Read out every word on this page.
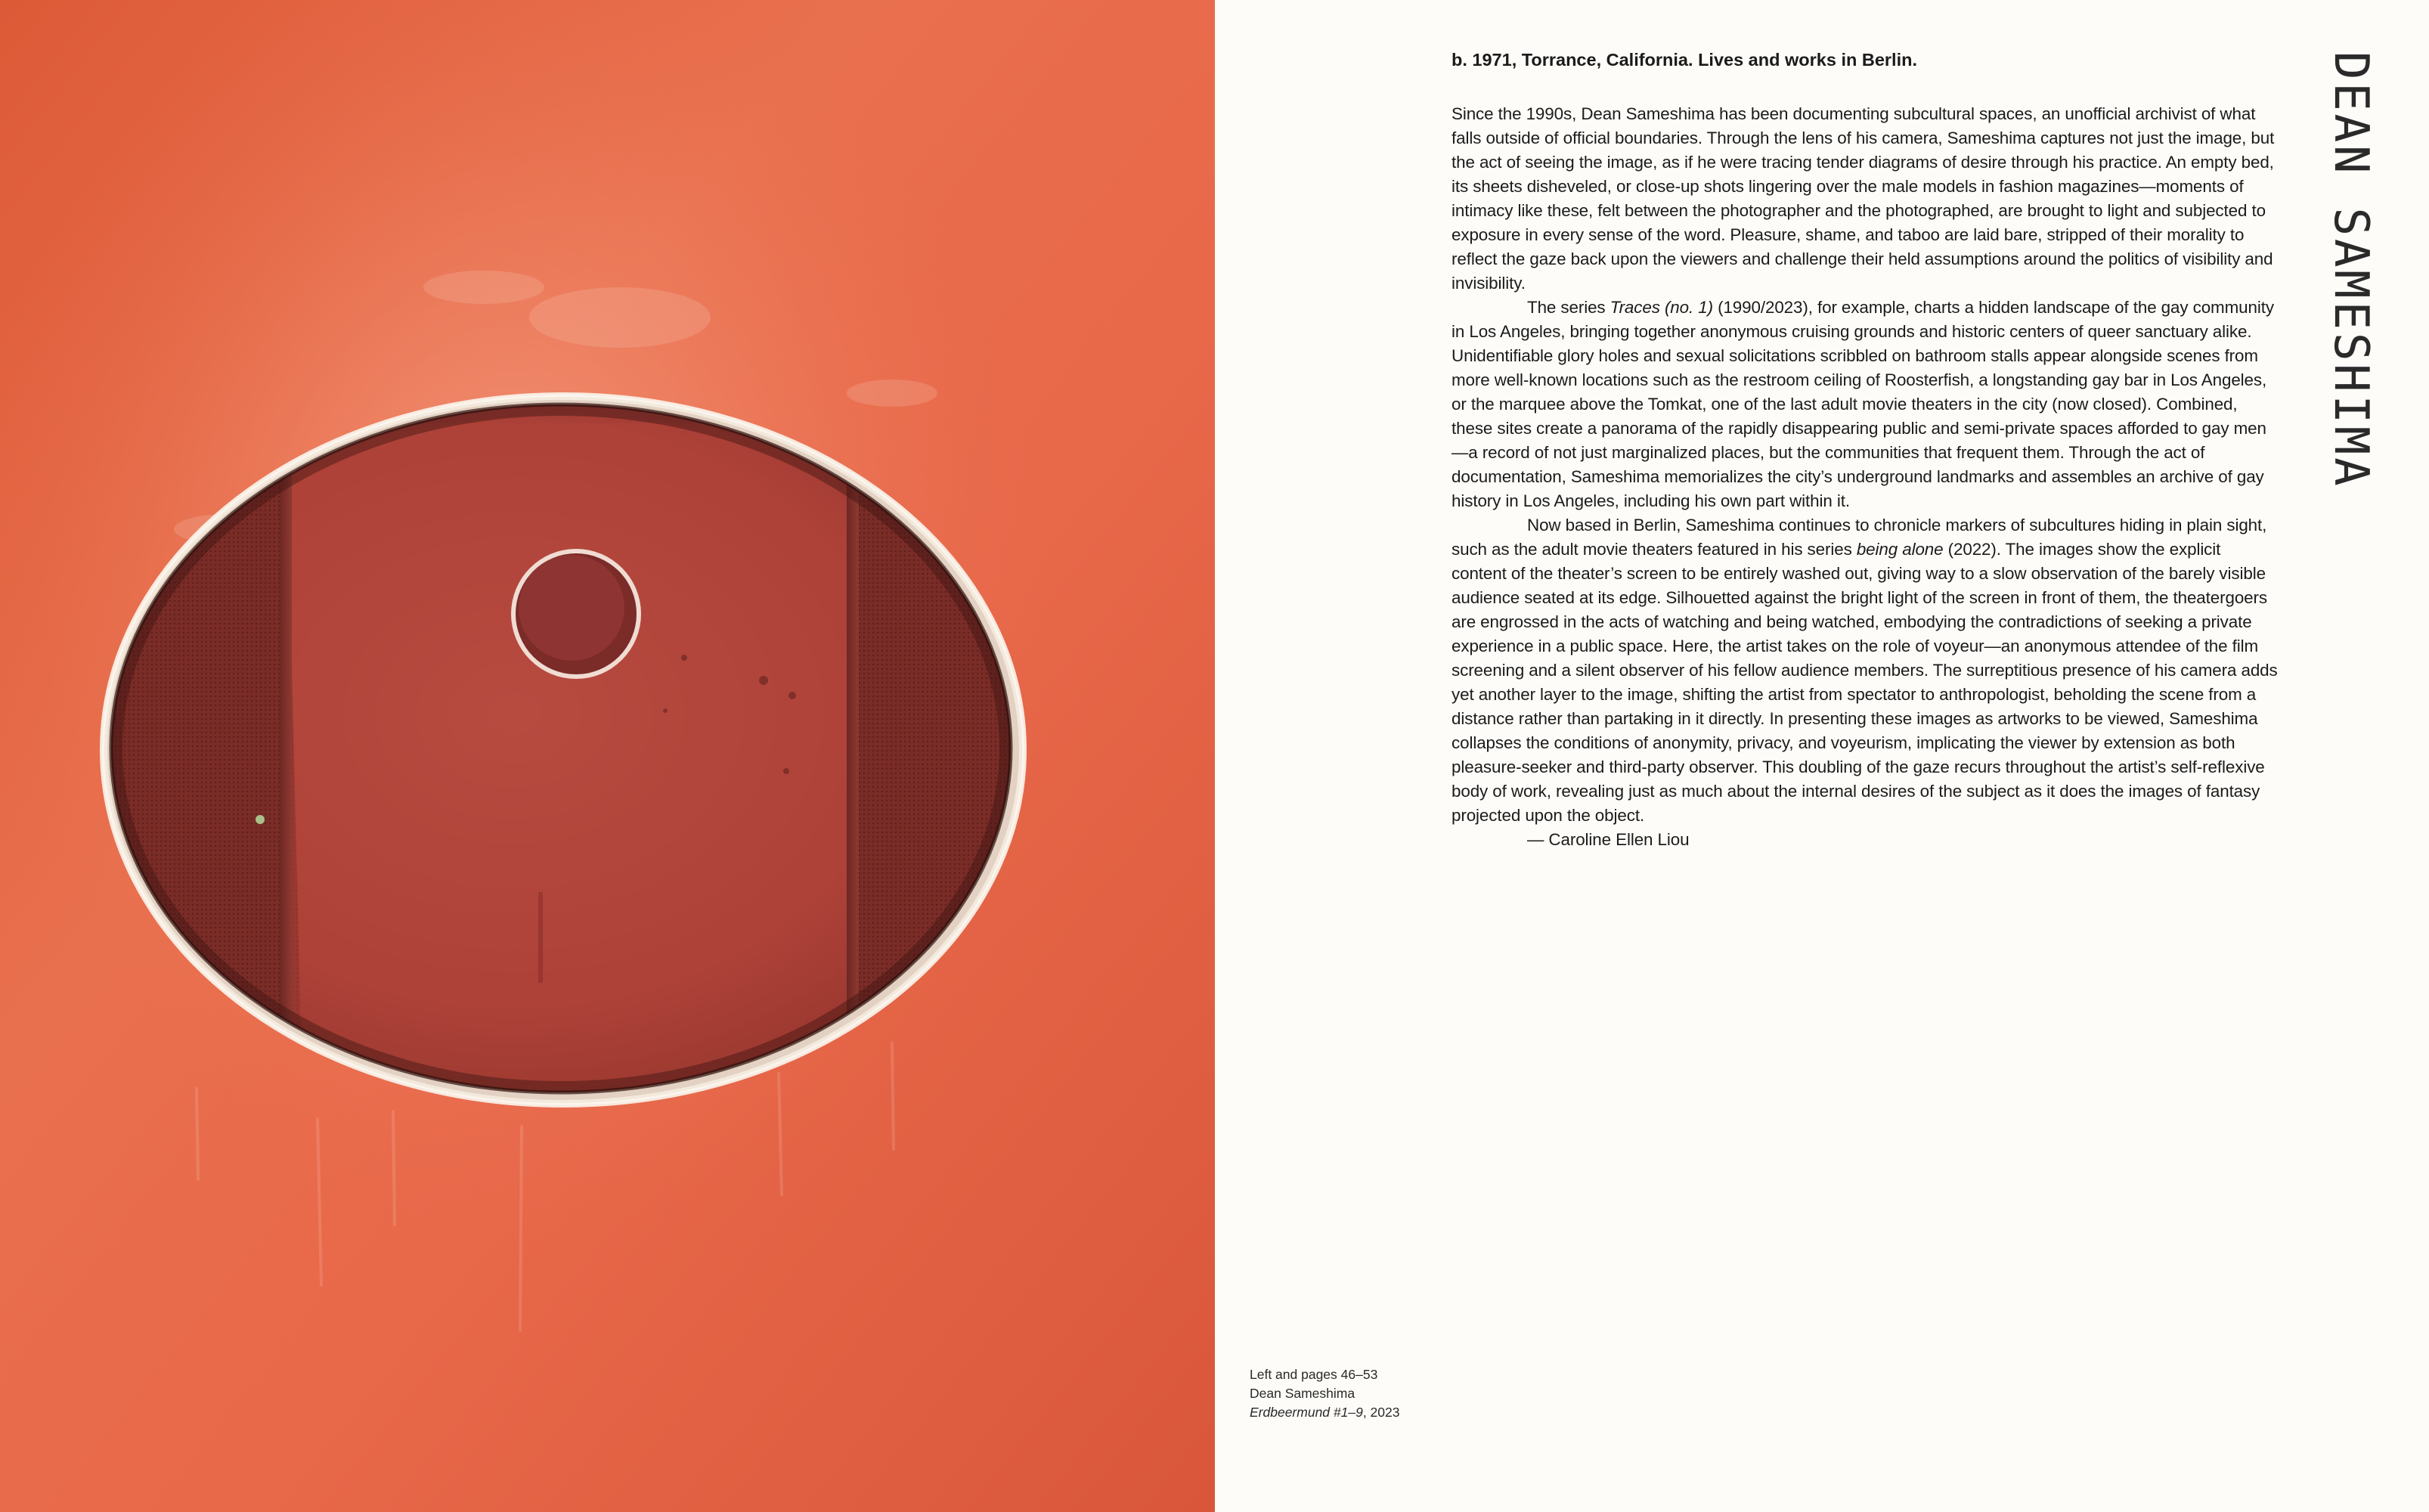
b. 1971, Torrance, California. Lives and works in Berlin.

Since the 1990s, Dean Sameshima has been documenting subcultural spaces, an unofficial archivist of what falls outside of official boundaries. Through the lens of his camera, Sameshima captures not just the image, but the act of seeing the image, as if he were tracing tender diagrams of desire through his practice. An empty bed, its sheets disheveled, or close-up shots lingering over the male models in fashion magazines—moments of intimacy like these, felt between the photographer and the photographed, are brought to light and subjected to exposure in every sense of the word. Pleasure, shame, and taboo are laid bare, stripped of their morality to reflect the gaze back upon the viewers and challenge their held assumptions around the politics of visibility and invisibility.

The series Traces (no. 1) (1990/2023), for example, charts a hidden landscape of the gay community in Los Angeles, bringing together anonymous cruising grounds and historic centers of queer sanctuary alike. Unidentifiable glory holes and sexual solicitations scribbled on bathroom stalls appear alongside scenes from more well-known locations such as the restroom ceiling of Roosterfish, a longstanding gay bar in Los Angeles, or the marquee above the Tomkat, one of the last adult movie theaters in the city (now closed). Combined, these sites create a panorama of the rapidly disappearing public and semi-private spaces afforded to gay men—a record of not just marginalized places, but the communities that frequent them. Through the act of documentation, Sameshima memorializes the city’s underground landmarks and assembles an archive of gay history in Los Angeles, including his own part within it.

Now based in Berlin, Sameshima continues to chronicle markers of subcultures hiding in plain sight, such as the adult movie theaters featured in his series being alone (2022). The images show the explicit content of the theater’s screen to be entirely washed out, giving way to a slow observation of the barely visible audience seated at its edge. Silhouetted against the bright light of the screen in front of them, the theatergoers are engrossed in the acts of watching and being watched, embodying the contradictions of seeking a private experience in a public space. Here, the artist takes on the role of voyeur—an anonymous attendee of the film screening and a silent observer of his fellow audience members. The surreptitious presence of his camera adds yet another layer to the image, shifting the artist from spectator to anthropologist, beholding the scene from a distance rather than partaking in it directly. In presenting these images as artworks to be viewed, Sameshima collapses the conditions of anonymity, privacy, and voyeurism, implicating the viewer by extension as both pleasure-seeker and third-party observer. This doubling of the gaze recurs throughout the artist’s self-reflexive body of work, revealing just as much about the internal desires of the subject as it does the images of fantasy projected upon the object.

— Caroline Ellen Liou

DEAN SAMESHIMA
Left and pages 46–53
Dean Sameshima
Erdbeermund #1–9, 2023
